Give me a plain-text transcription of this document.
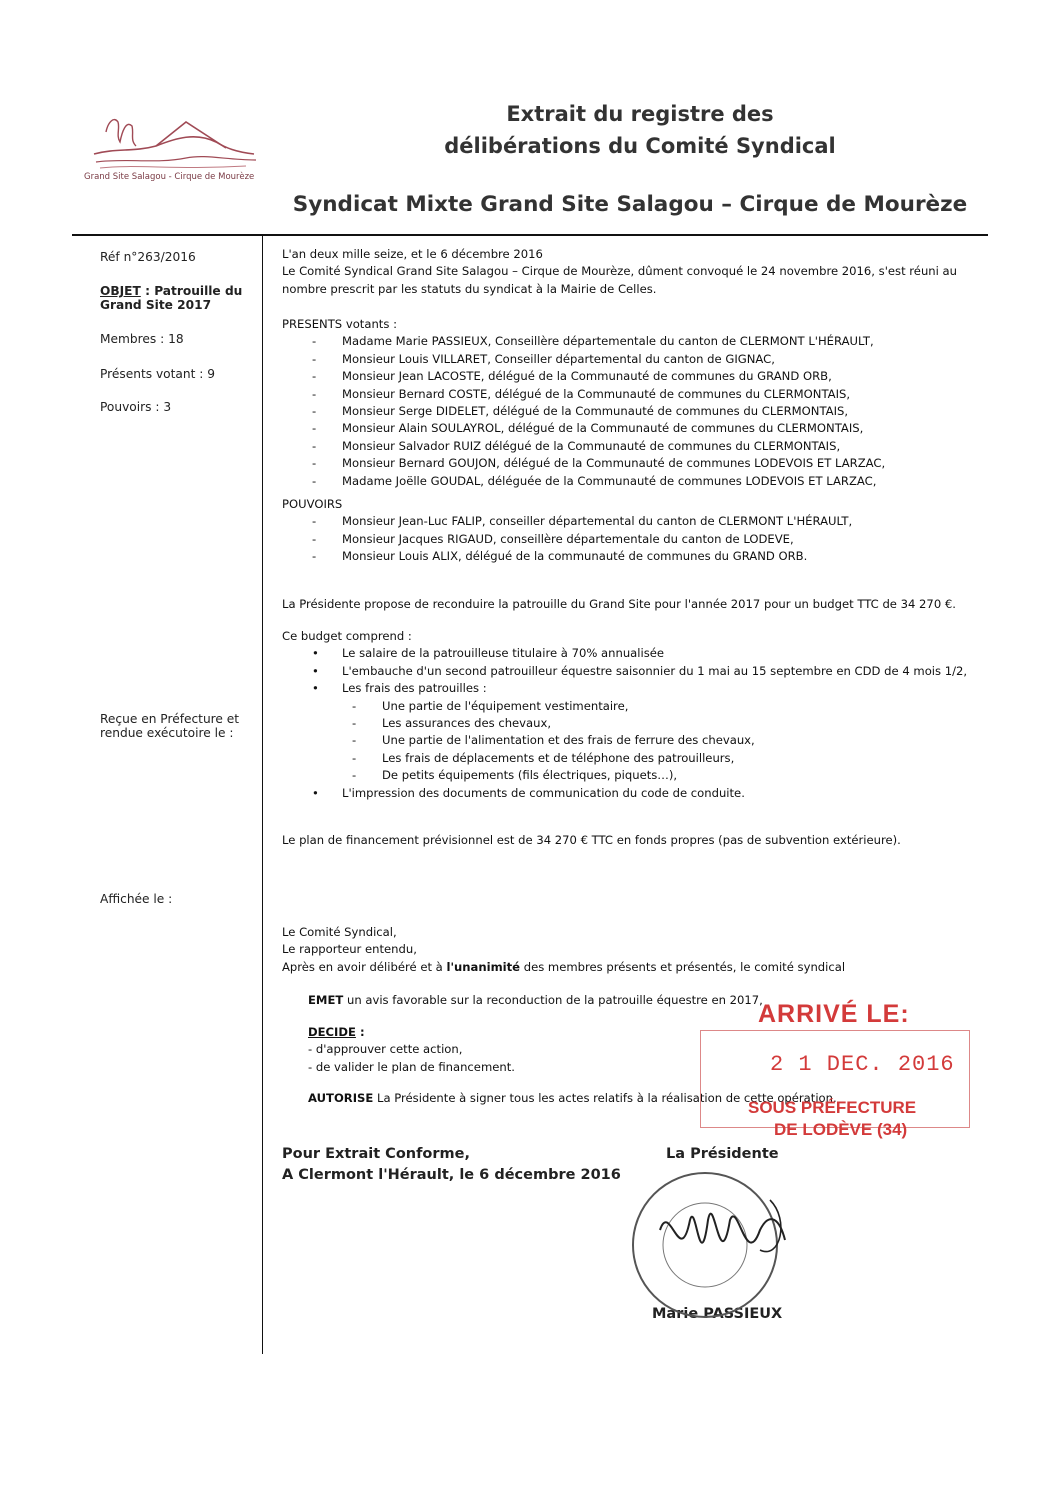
Grand Site Salagou - Cirque de Mourèze
Extrait du registre des
délibérations du Comité Syndical
Syndicat Mixte Grand Site Salagou – Cirque de Mourèze
Réf n°263/2016
OBJET : Patrouille du
Grand Site 2017
Membres : 18
Présents votant : 9
Pouvoirs : 3
Reçue en Préfecture et
rendue exécutoire le :
Affichée le :
L'an deux mille seize, et le 6 décembre 2016
Le Comité Syndical Grand Site Salagou – Cirque de Mourèze, dûment convoqué le 24 novembre 2016, s'est réuni au
nombre prescrit par les statuts du syndicat à la Mairie de Celles.
PRESENTS votants :
- Madame Marie PASSIEUX, Conseillère départementale du canton de CLERMONT L'HÉRAULT,
- Monsieur Louis VILLARET, Conseiller départemental du canton de GIGNAC,
- Monsieur Jean LACOSTE, délégué de la Communauté de communes du GRAND ORB,
- Monsieur Bernard COSTE, délégué de la Communauté de communes du CLERMONTAIS,
- Monsieur Serge DIDELET, délégué de la Communauté de communes du CLERMONTAIS,
- Monsieur Alain SOULAYROL, délégué de la Communauté de communes du CLERMONTAIS,
- Monsieur Salvador RUIZ délégué de la Communauté de communes du CLERMONTAIS,
- Monsieur Bernard GOUJON, délégué de la Communauté de communes LODEVOIS ET LARZAC,
- Madame Joëlle GOUDAL, déléguée de la Communauté de communes LODEVOIS ET LARZAC,
POUVOIRS
- Monsieur Jean-Luc FALIP, conseiller départemental du canton de CLERMONT L'HÉRAULT,
- Monsieur Jacques RIGAUD, conseillère départementale du canton de LODEVE,
- Monsieur Louis ALIX, délégué de la communauté de communes du GRAND ORB.
La Présidente propose de reconduire la patrouille du Grand Site pour l'année 2017 pour un budget TTC de 34 270 €.
Ce budget comprend :
• Le salaire de la patrouilleuse titulaire à 70% annualisée
• L'embauche d'un second patrouilleur équestre saisonnier du 1 mai au 15 septembre en CDD de 4 mois 1/2,
• Les frais des patrouilles :
- Une partie de l'équipement vestimentaire,
- Les assurances des chevaux,
- Une partie de l'alimentation et des frais de ferrure des chevaux,
- Les frais de déplacements et de téléphone des patrouilleurs,
- De petits équipements (fils électriques, piquets…),
• L'impression des documents de communication du code de conduite.
Le plan de financement prévisionnel est de 34 270 € TTC en fonds propres (pas de subvention extérieure).
Le Comité Syndical,
Le rapporteur entendu,
Après en avoir délibéré et à l'unanimité des membres présents et présentés, le comité syndical
EMET un avis favorable sur la reconduction de la patrouille équestre en 2017,
DECIDE :
- d'approuver cette action,
- de valider le plan de financement.
AUTORISE La Présidente à signer tous les actes relatifs à la réalisation de cette opération.
Pour Extrait Conforme,
A Clermont l'Hérault, le 6 décembre 2016
La Présidente
Marie PASSIEUX
ARRIVÉ LE:
2 1 DEC. 2016
SOUS PRÉFECTURE
DE LODÈVE (34)
